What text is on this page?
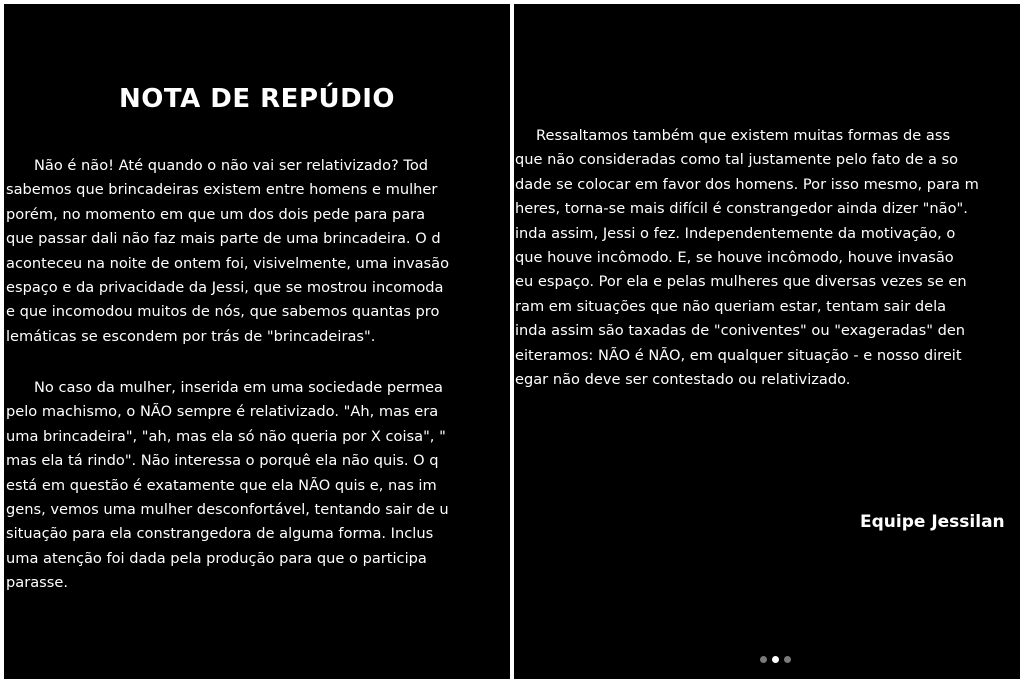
NOTA DE REPÚDIO
Não é não! Até quando o não vai ser relativizado? Tod
sabemos que brincadeiras existem entre homens e mulher
porém, no momento em que um dos dois pede para para
que passar dali não faz mais parte de uma brincadeira. O d
aconteceu na noite de ontem foi, visivelmente, uma invasão
espaço e da privacidade da Jessi, que se mostrou incomoda
e que incomodou muitos de nós, que sabemos quantas pro
lemáticas se escondem por trás de "brincadeiras".
No caso da mulher, inserida em uma sociedade permea
pelo machismo, o NÃO sempre é relativizado. "Ah, mas era
uma brincadeira", "ah, mas ela só não queria por X coisa", "
mas ela tá rindo". Não interessa o porquê ela não quis. O q
está em questão é exatamente que ela NÃO quis e, nas im
gens, vemos uma mulher desconfortável, tentando sair de u
situação para ela constrangedora de alguma forma. Inclus
uma atenção foi dada pela produção para que o participa
parasse.
Ressaltamos também que existem muitas formas de ass
que não consideradas como tal justamente pelo fato de a so
dade se colocar em favor dos homens. Por isso mesmo, para m
heres, torna-se mais difícil é constrangedor ainda dizer "não".
inda assim, Jessi o fez. Independentemente da motivação, o
que houve incômodo. E, se houve incômodo, houve invasão
eu espaço. Por ela e pelas mulheres que diversas vezes se en
ram em situações que não queriam estar, tentam sair dela
inda assim são taxadas de "coniventes" ou "exageradas" den
eiteramos: NÃO é NÃO, em qualquer situação - e nosso direit
egar não deve ser contestado ou relativizado.
Equipe Jessilan
